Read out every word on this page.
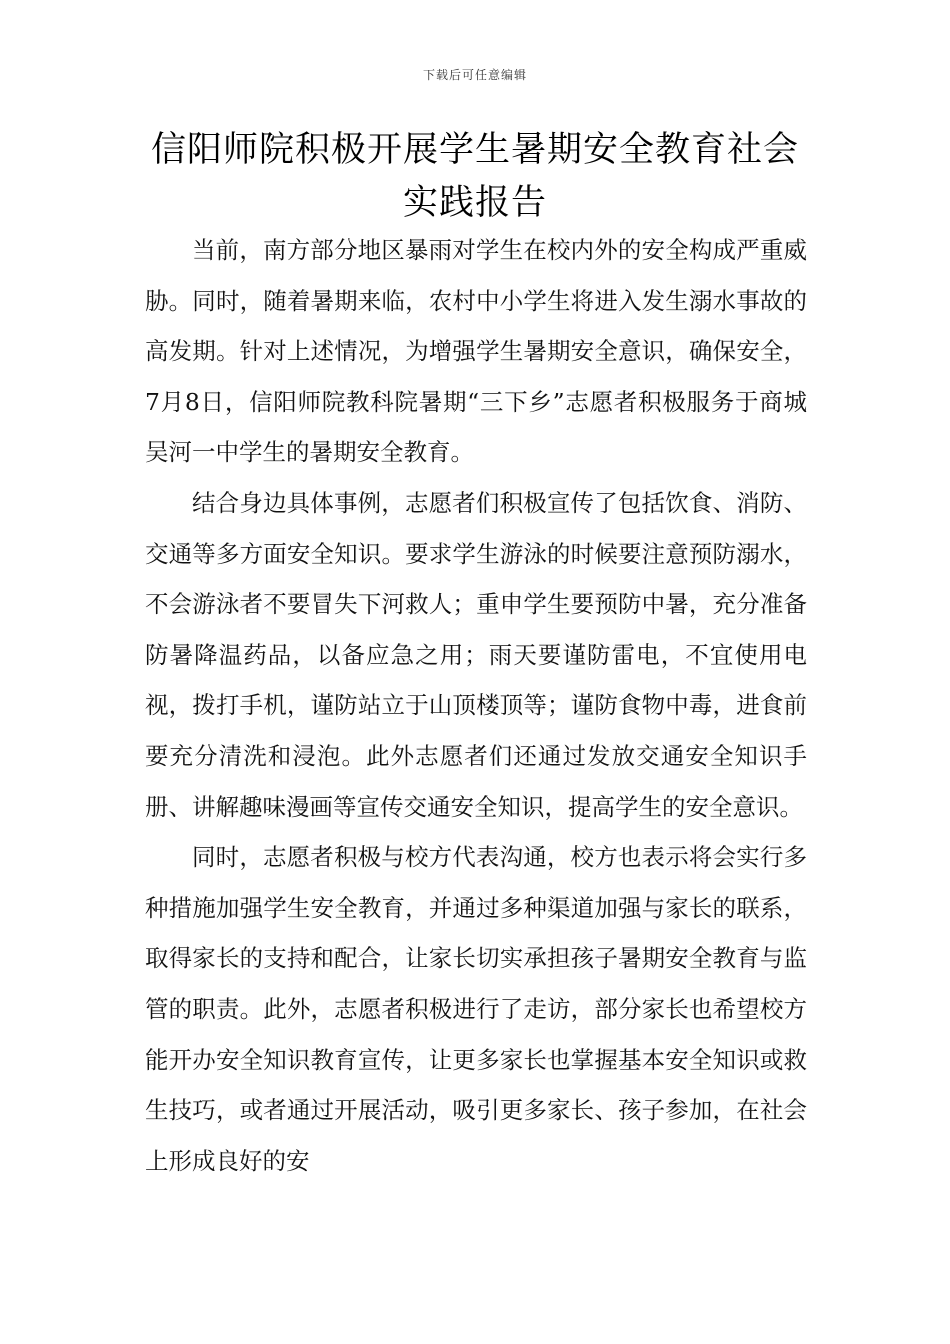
下载后可任意编辑
信阳师院积极开展学生暑期安全教育社会
实践报告

当前，南方部分地区暴雨对学生在校内外的安全构成严重威胁。同时，随着暑期来临，农村中小学生将进入发生溺水事故的高发期。针对上述情况，为增强学生暑期安全意识，确保安全，7月8日，信阳师院教科院暑期“三下乡”志愿者积极服务于商城吴河一中学生的暑期安全教育。

结合身边具体事例，志愿者们积极宣传了包括饮食、消防、交通等多方面安全知识。要求学生游泳的时候要注意预防溺水，不会游泳者不要冒失下河救人；重申学生要预防中暑，充分准备防暑降温药品，以备应急之用；雨天要谨防雷电，不宜使用电视，拨打手机，谨防站立于山顶楼顶等；谨防食物中毒，进食前要充分清洗和浸泡。此外志愿者们还通过发放交通安全知识手册、讲解趣味漫画等宣传交通安全知识，提高学生的安全意识。

同时，志愿者积极与校方代表沟通，校方也表示将会实行多种措施加强学生安全教育，并通过多种渠道加强与家长的联系，取得家长的支持和配合，让家长切实承担孩子暑期安全教育与监管的职责。此外，志愿者积极进行了走访，部分家长也希望校方能开办安全知识教育宣传，让更多家长也掌握基本安全知识或救生技巧，或者通过开展活动，吸引更多家长、孩子参加，在社会上形成良好的安
